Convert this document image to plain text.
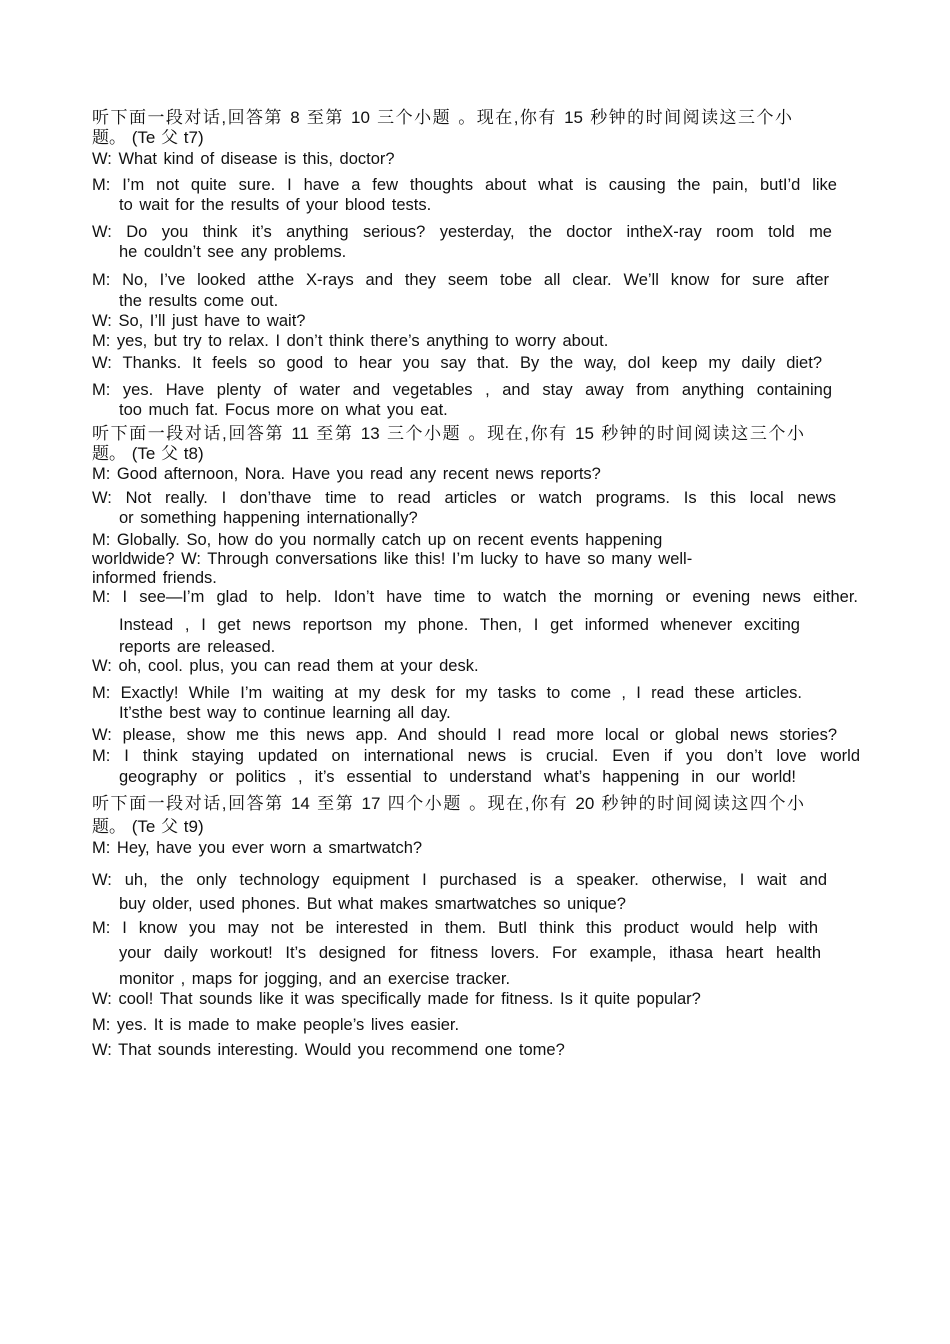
听下面一段对话,回答第 8 至第 10 三个小题 。现在,你有 15 秒钟的时间阅读这三个小
题。 (Te 父 t7)
W: What kind of disease is this, doctor?
M: I’m not quite sure. I have a few thoughts about what is causing the pain, butI’d like
to wait for the results of your blood tests.
W: Do you think it’s anything serious? yesterday, the doctor intheX-ray room told me
he couldn’t see any problems.
M: No, I’ve looked atthe X-rays and they seem tobe all clear. We’ll know for sure after
the results come out.
W: So, I’ll just have to wait?
M: yes, but try to relax. I don’t think there’s anything to worry about.
W: Thanks. It feels so good to hear you say that. By the way, doI keep my daily diet?
M: yes. Have plenty of water and vegetables , and stay away from anything containing
too much fat. Focus more on what you eat.
听下面一段对话,回答第 11 至第 13 三个小题 。现在,你有 15 秒钟的时间阅读这三个小
题。 (Te 父 t8)
M: Good afternoon, Nora. Have you read any recent news reports?
W: Not really. I don’thave time to read articles or watch programs. Is this local news
or something happening internationally?
M: Globally. So, how do you normally catch up on recent events happening
worldwide? W: Through conversations like this! I’m lucky to have so many well-
informed friends.
M: I see—I’m glad to help. Idon’t have time to watch the morning or evening news either.
Instead , I get news reportson my phone. Then, I get informed whenever exciting
reports are released.
W: oh, cool. plus, you can read them at your desk.
M: Exactly! While I’m waiting at my desk for my tasks to come , I read these articles.
It’sthe best way to continue learning all day.
W: please, show me this news app. And should I read more local or global news stories?
M: I think staying updated on international news is crucial. Even if you don’t love world
geography or politics , it’s essential to understand what’s happening in our world!
听下面一段对话,回答第 14 至第 17 四个小题 。现在,你有 20 秒钟的时间阅读这四个小
题。 (Te 父 t9)
M: Hey, have you ever worn a smartwatch?
W: uh, the only technology equipment I purchased is a speaker. otherwise, I wait and
buy older, used phones. But what makes smartwatches so unique?
M: I know you may not be interested in them. ButI think this product would help with
your daily workout! It’s designed for fitness lovers. For example, ithasa heart health
monitor , maps for jogging, and an exercise tracker.
W: cool! That sounds like it was specifically made for fitness. Is it quite popular?
M: yes. It is made to make people’s lives easier.
W: That sounds interesting. Would you recommend one tome?
